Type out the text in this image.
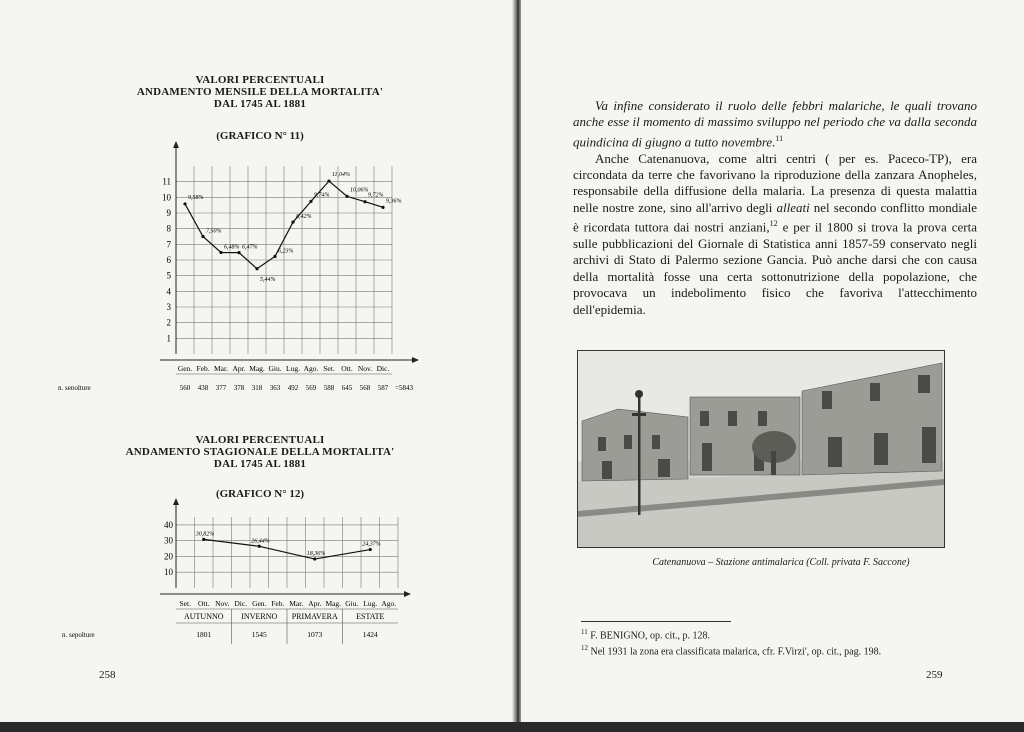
VALORI PERCENTUALI
ANDAMENTO MENSILE DELLA MORTALITA'
DAL 1745 AL 1881
(GRAFICO N° 11)
1
2
3
4
5
6
7
8
9
10
11
Gen. Feb. Mar. Apr. Mag. Giu. Lug. Ago. Set. Ott. Nov. Dic.
9,58%
7,50%
6,48% 6,47%
5,44%
6,23%
8,42%
9,74%
11,04%
10,06%
9,72%
9,36%
n. sepolture	560 438 377 378 318 363 492 569 588 645 568 587 =5843
VALORI PERCENTUALI
ANDAMENTO STAGIONALE DELLA MORTALITA'
DAL 1745 AL 1881
(GRAFICO N° 12)
10
20
30
40
Set. Ott. Nov. Dic. Gen. Feb. Mar. Apr. Mag. Giu. Lug. Ago.
AUTUNNO
1801
INVERNO
1545
PRIMAVERA
1073
ESTATE
1424
n. sepolture
30,82%
26,44%
18,36%
24,37%
258

Va infine considerato il ruolo delle febbri malariche, le quali trovano anche esse il momento di massimo sviluppo nel periodo che va dalla seconda quindicina di giugno a tutto novembre.$^{11}$

Anche Catenanuova, come altri centri ( per es. Paceco-TP), era circondata da terre che favorivano la riproduzione della zanzara Anopheles, responsabile della diffusione della malaria. La presenza di questa malattia nelle nostre zone, sino all'arrivo degli alleati nel secondo conflitto mondiale è ricordata tuttora dai nostri anziani,$^{12}$ e per il 1800 si trova la prova certa sulle pubblicazioni del Giornale di Statistica anni 1857-59 conservato negli archivi di Stato di Palermo sezione Gancia. Può anche darsi che con causa della mortalità fosse una certa sottonutrizione della popolazione, che provocava un indebolimento fisico che favoriva l'attecchimento dell'epidemia.

Catenanuova – Stazione antimalarica (Coll. privata F. Saccone)
$^{11}$ F. BENIGNO, op. cit., p. 128.
$^{12}$ Nel 1931 la zona era classificata malarica, cfr. F.Virzi', op. cit., pag. 198.
259
